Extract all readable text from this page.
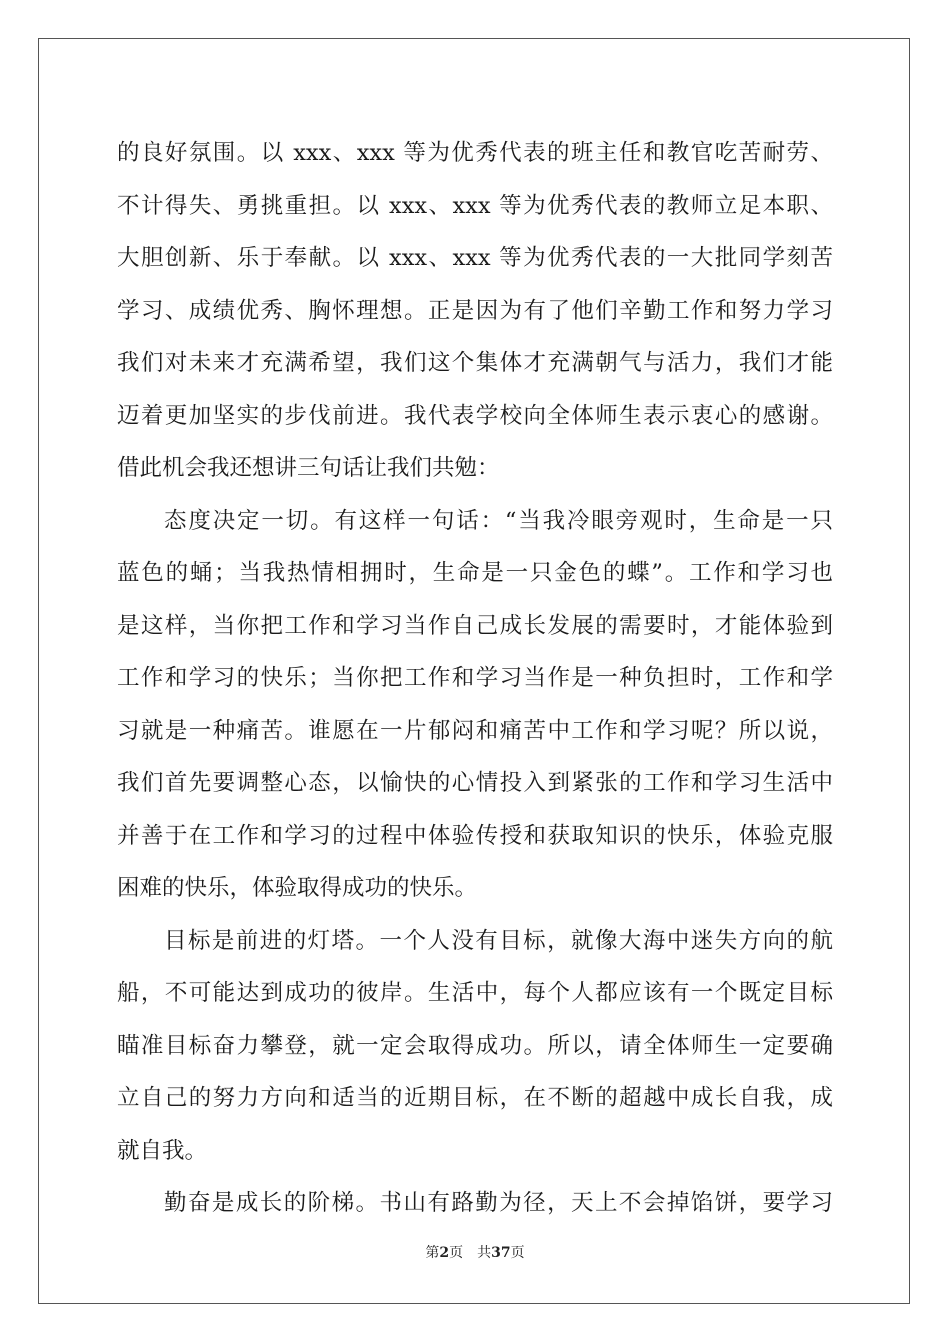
的良好氛围。以 xxx、xxx 等为优秀代表的班主任和教官吃苦耐劳、
不计得失、勇挑重担。以 xxx、xxx 等为优秀代表的教师立足本职、
大胆创新、乐于奉献。以 xxx、xxx 等为优秀代表的一大批同学刻苦
学习、成绩优秀、胸怀理想。正是因为有了他们辛勤工作和努力学习
我们对未来才充满希望，我们这个集体才充满朝气与活力，我们才能
迈着更加坚实的步伐前进。我代表学校向全体师生表示衷心的感谢。
借此机会我还想讲三句话让我们共勉：
态度决定一切。有这样一句话：“当我冷眼旁观时，生命是一只
蓝色的蛹；当我热情相拥时，生命是一只金色的蝶”。工作和学习也
是这样，当你把工作和学习当作自己成长发展的需要时，才能体验到
工作和学习的快乐；当你把工作和学习当作是一种负担时，工作和学
习就是一种痛苦。谁愿在一片郁闷和痛苦中工作和学习呢？所以说，
我们首先要调整心态，以愉快的心情投入到紧张的工作和学习生活中
并善于在工作和学习的过程中体验传授和获取知识的快乐，体验克服
困难的快乐，体验取得成功的快乐。
目标是前进的灯塔。一个人没有目标，就像大海中迷失方向的航
船，不可能达到成功的彼岸。生活中，每个人都应该有一个既定目标
瞄准目标奋力攀登，就一定会取得成功。所以，请全体师生一定要确
立自己的努力方向和适当的近期目标，在不断的超越中成长自我，成
就自我。
勤奋是成长的阶梯。书山有路勤为径，天上不会掉馅饼，要学习
第2页 共37页
